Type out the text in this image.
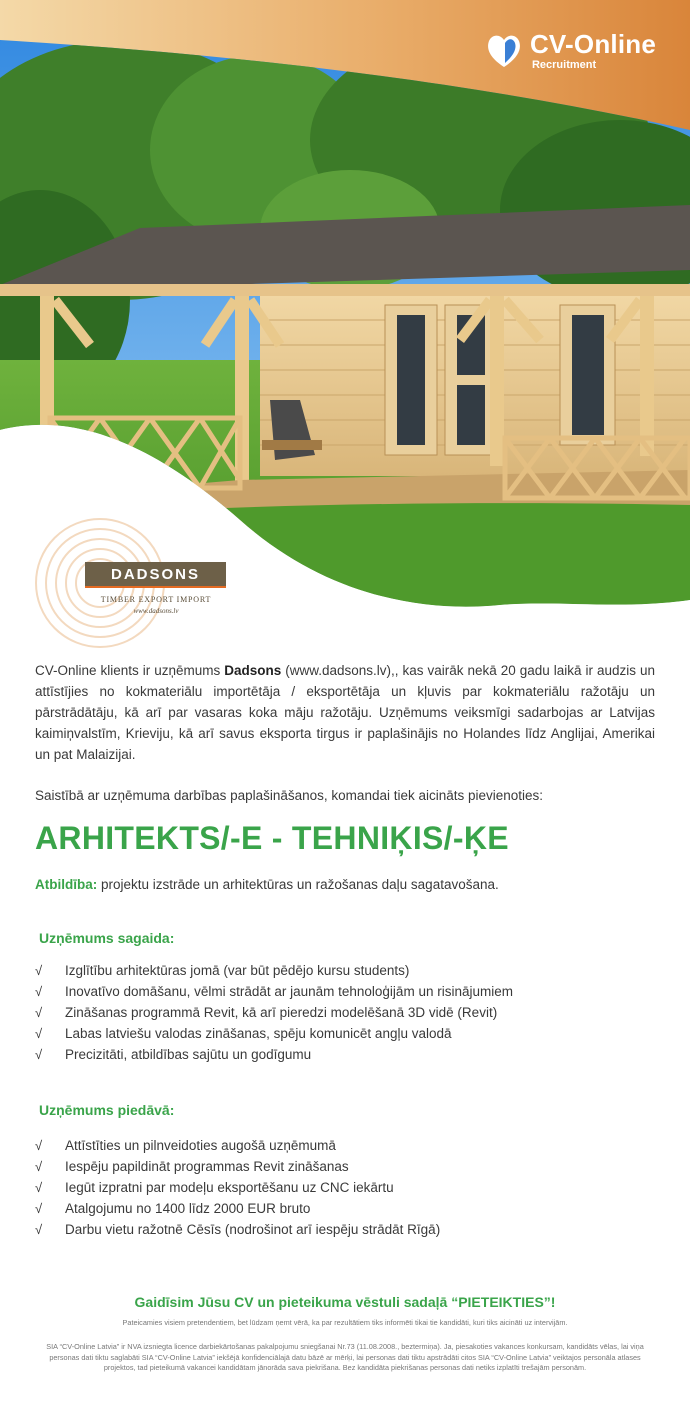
CV-Online
Recruitment
DADSONS
TIMBER EXPORT IMPORT
www.dadsons.lv

CV-Online klients ir uzņēmums Dadsons (www.dadsons.lv),, kas vairāk nekā 20 gadu laikā ir audzis un attīstījies no kokmateriālu importētāja / eksportētāja un kļuvis par kokmateriālu ražotāju un pārstrādātāju, kā arī par vasaras koka māju ražotāju. Uzņēmums veiksmīgi sadarbojas ar Latvijas kaimiņvalstīm, Krieviju, kā arī savus eksporta tirgus ir paplašinājis no Holandes līdz Anglijai, Amerikai un pat Malaizijai.

Saistībā ar uzņēmuma darbības paplašināšanos, komandai tiek aicināts pievienoties:

ARHITEKTS/-E - TEHNIĶIS/-ĶE
Atbildība: projektu izstrāde un arhitektūras un ražošanas daļu sagatavošana.
Uzņēmums sagaida:
√	Izglītību arhitektūras jomā (var būt pēdējo kursu students)
√	Inovatīvo domāšanu, vēlmi strādāt ar jaunām tehnoloģijām un risinājumiem
√	Zināšanas programmā Revit, kā arī pieredzi modelēšanā 3D vidē (Revit)
√	Labas latviešu valodas zināšanas, spēju komunicēt angļu valodā
√	Precizitāti, atbildības sajūtu un godīgumu
Uzņēmums piedāvā:
√	Attīstīties un pilnveidoties augošā uzņēmumā
√	Iespēju papildināt programmas Revit zināšanas
√	Iegūt izpratni par modeļu eksportēšanu uz CNC iekārtu
√	Atalgojumu no 1400 līdz 2000 EUR bruto
√	Darbu vietu ražotnē Cēsīs (nodrošinot arī iespēju strādāt Rīgā)
Gaidīsim Jūsu CV un pieteikuma vēstuli sadaļā “PIETEIKTIES”!
Pateicamies visiem pretendentiem, bet lūdzam ņemt vērā, ka par rezultātiem tiks informēti tikai tie kandidāti, kuri tiks aicināti uz intervijām.
SIA “CV-Online Latvia” ir NVA izsniegta licence darbiekārtošanas pakalpojumu sniegšanai Nr.73 (11.08.2008., beztermiņa). Ja, piesakoties vakances konkursam, kandidāts vēlas, lai viņa personas dati tiktu saglabāti SIA “CV-Online Latvia” iekšējā konfidenciālajā datu bāzē ar mērķi, lai personas dati tiktu apstrādāti citos SIA “CV-Online Latvia” veiktajos personāla atlases projektos, tad pieteikumā vakancei kandidātam jānorāda sava piekrišana. Bez kandidāta piekrišanas personas dati netiks izplatīti trešajām personām.
